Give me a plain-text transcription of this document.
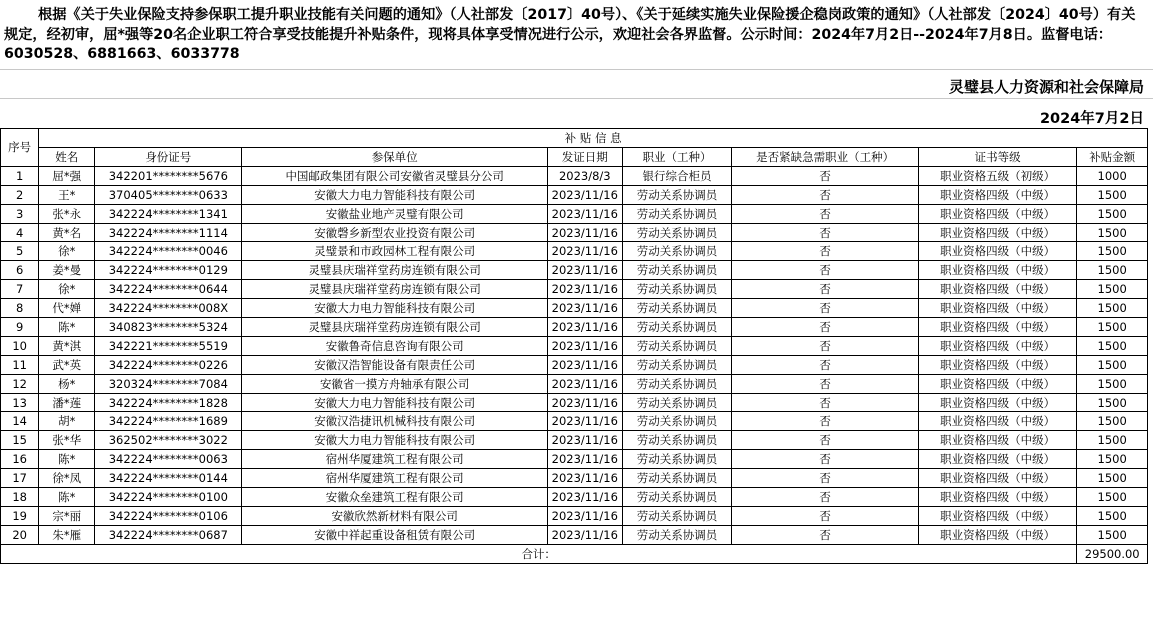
根据《关于失业保险支持参保职工提升职业技能有关问题的通知》（人社部发〔2017〕40号）、《关于延续实施失业保险援企稳岗政策的通知》（人社部发〔2024〕40号）有关规定，经初审，屈*强等20名企业职工符合享受技能提升补贴条件，现将具体享受情况进行公示，欢迎社会各界监督。公示时间：2024年7月2日--2024年7月8日。监督电话：6030528、6881663、6033778

灵璧县人力资源和社会保障局
2024年7月2日
序号	补 贴 信 息							
	姓名	身份证号	参保单位	发证日期	职业（工种）	是否紧缺急需职业（工种）	证书等级	补贴金额
1	屈*强	342201********5676	中国邮政集团有限公司安徽省灵璧县分公司	2023/8/3	银行综合柜员	否	职业资格五级（初级）	1000
2	王*	370405********0633	安徽大力电力智能科技有限公司	2023/11/16	劳动关系协调员	否	职业资格四级（中级）	1500
3	张*永	342224********1341	安徽盐业地产灵璧有限公司	2023/11/16	劳动关系协调员	否	职业资格四级（中级）	1500
4	黄*名	342224********1114	安徽磬乡新型农业投资有限公司	2023/11/16	劳动关系协调员	否	职业资格四级（中级）	1500
5	徐*	342224********0046	灵璧景和市政园林工程有限公司	2023/11/16	劳动关系协调员	否	职业资格四级（中级）	1500
6	姜*曼	342224********0129	灵璧县庆瑞祥堂药房连锁有限公司	2023/11/16	劳动关系协调员	否	职业资格四级（中级）	1500
7	徐*	342224********0644	灵璧县庆瑞祥堂药房连锁有限公司	2023/11/16	劳动关系协调员	否	职业资格四级（中级）	1500
8	代*婵	342224********008X	安徽大力电力智能科技有限公司	2023/11/16	劳动关系协调员	否	职业资格四级（中级）	1500
9	陈*	340823********5324	灵璧县庆瑞祥堂药房连锁有限公司	2023/11/16	劳动关系协调员	否	职业资格四级（中级）	1500
10	黄*淇	342221********5519	安徽鲁奇信息咨询有限公司	2023/11/16	劳动关系协调员	否	职业资格四级（中级）	1500
11	武*英	342224********0226	安徽汉浩智能设备有限责任公司	2023/11/16	劳动关系协调员	否	职业资格四级（中级）	1500
12	杨*	320324********7084	安徽省一摸方舟轴承有限公司	2023/11/16	劳动关系协调员	否	职业资格四级（中级）	1500
13	潘*莲	342224********1828	安徽大力电力智能科技有限公司	2023/11/16	劳动关系协调员	否	职业资格四级（中级）	1500
14	胡*	342224********1689	安徽汉浩捷讯机械科技有限公司	2023/11/16	劳动关系协调员	否	职业资格四级（中级）	1500
15	张*华	362502********3022	安徽大力电力智能科技有限公司	2023/11/16	劳动关系协调员	否	职业资格四级（中级）	1500
16	陈*	342224********0063	宿州华厦建筑工程有限公司	2023/11/16	劳动关系协调员	否	职业资格四级（中级）	1500
17	徐*凤	342224********0144	宿州华厦建筑工程有限公司	2023/11/16	劳动关系协调员	否	职业资格四级（中级）	1500
18	陈*	342224********0100	安徽众垒建筑工程有限公司	2023/11/16	劳动关系协调员	否	职业资格四级（中级）	1500
19	宗*丽	342224********0106	安徽欣然新材料有限公司	2023/11/16	劳动关系协调员	否	职业资格四级（中级）	1500
20	朱*雁	342224********0687	安徽中祥起重设备租赁有限公司	2023/11/16	劳动关系协调员	否	职业资格四级（中级）	1500
合计：								29500.00
